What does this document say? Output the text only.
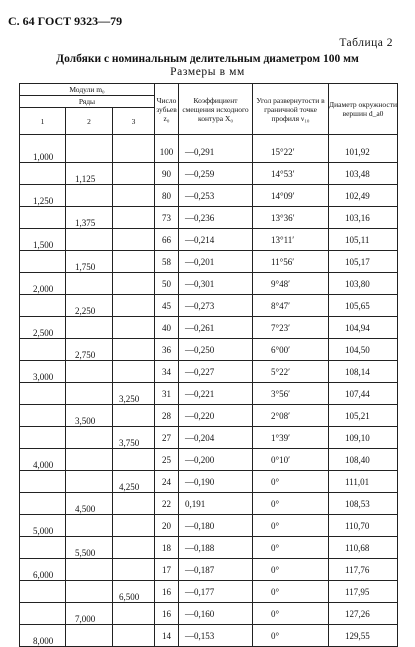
С. 64 ГОСТ 9323—79
Таблица 2
Долбяки с номинальным делительным диаметром 100 мм
Размеры в мм
Модули m₀			Число зубьев z₀	Коэффициент смещения исходного контура X₀	Угол развернутости в граничной точке профиля ν₁₀	Диаметр окружности вершин d_a0
Ряды						
1	2	3				
1,000			100	—0,291	15°22′	101,92
	1,125		90	—0,259	14°53′	103,48
1,250			80	—0,253	14°09′	102,49
	1,375		73	—0,236	13°36′	103,16
1,500			66	—0,214	13°11′	105,11
	1,750		58	—0,201	11°56′	105,17
2,000			50	—0,301	9°48′	103,80
	2,250		45	—0,273	8°47′	105,65
2,500			40	—0,261	7°23′	104,94
	2,750		36	—0,250	6°00′	104,50
3,000			34	—0,227	5°22′	108,14
		3,250	31	—0,221	3°56′	107,44
	3,500		28	—0,220	2°08′	105,21
		3,750	27	—0,204	1°39′	109,10
4,000			25	—0,200	0°10′	108,40
		4,250	24	—0,190	0°	111,01
	4,500		22	0,191	0°	108,53
5,000			20	—0,180	0°	110,70
	5,500		18	—0,188	0°	110,68
6,000			17	—0,187	0°	117,76
		6,500	16	—0,177	0°	117,95
	7,000		16	—0,160	0°	127,26
8,000			14	—0,153	0°	129,55
